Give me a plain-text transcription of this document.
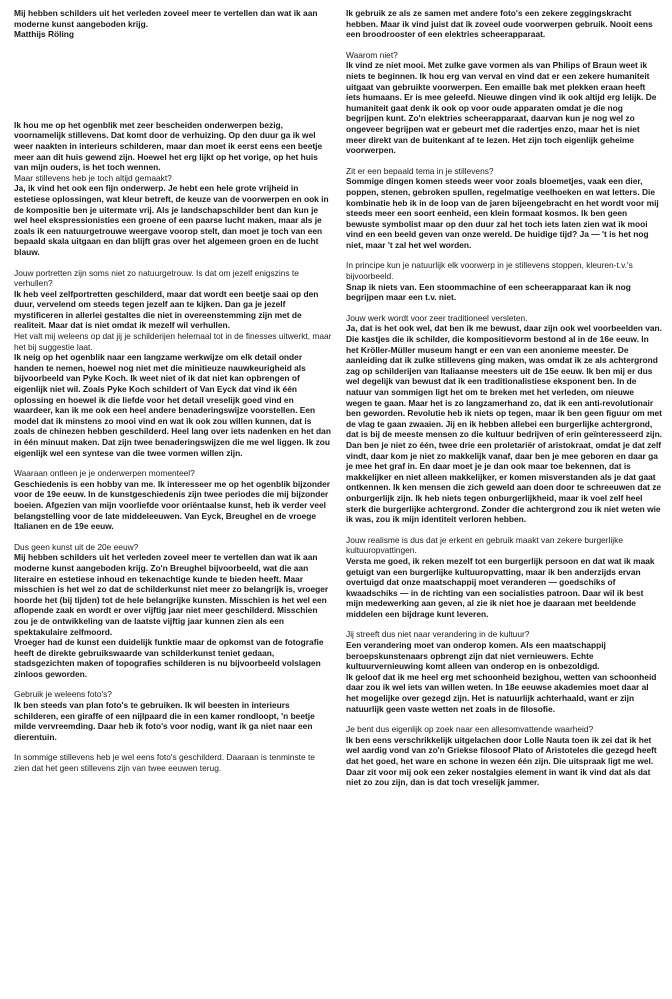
Mij hebben schilders uit het verleden zoveel meer te vertellen dan wat ik aan moderne kunst aangeboden krijg.

Matthijs Röling

Ik hou me op het ogenblik met zeer bescheiden onderwerpen bezig, voornamelijk stillevens. Dat komt door de verhuizing. Op den duur ga ik wel weer naakten in interieurs schilderen, maar dan moet ik eerst eens een beetje meer aan dit huis gewend zijn. Hoewel het erg lijkt op het vorige, op het huis van mijn ouders, is het toch wennen.

Maar stillevens heb je toch altijd gemaakt?

Ja, ik vind het ook een fijn onderwerp. Je hebt een hele grote vrijheid in estetiese oplossingen, wat kleur betreft, de keuze van de voorwerpen en ook in de kompositie ben je uitermate vrij. Als je landschapschilder bent dan kun je wel heel ekspressionisties een groene of een paarse lucht maken, maar als je zoals ik een natuurgetrouwe weergave voorop stelt, dan moet je toch van een bepaald skala uitgaan en dan blijft gras over het algemeen groen en de lucht blauw.

Jouw portretten zijn soms niet zo natuurgetrouw. Is dat om jezelf enigszins te verhullen?

Ik heb veel zelfportretten geschilderd, maar dat wordt een beetje saai op den duur, vervelend om steeds tegen jezelf aan te kijken. Dan ga je jezelf mystificeren in allerlei gestaltes die niet in overeenstemming zijn met de realiteit. Maar dat is niet omdat ik mezelf wil verhullen.

Het valt mij weleens op dat jij je schilderijen helemaal tot in de finesses uitwerkt, maar het bij suggestie laat.

Ik neig op het ogenblik naar een langzame werkwijze om elk detail onder handen te nemen, hoewel nog niet met die minitieuze nauwkeurigheid als bijvoorbeeld van Pyke Koch. Ik weet niet of ik dat niet kan opbrengen of eigenlijk niet wil. Zoals Pyke Koch schildert of Van Eyck dat vind ik één oplossing en hoewel ik die liefde voor het detail vreselijk goed vind en waardeer, kan ik me ook een heel andere benaderingswijze voorstellen. Een model dat ik minstens zo mooi vind en wat ik ook zou willen kunnen, dat is zoals de chinezen hebben geschilderd. Heel lang over iets nadenken en het dan in één minuut maken. Dat zijn twee benaderingswijzen die me wel liggen. Ik zou eigenlijk wel een syntese van die twee vormen willen zijn.

Waaraan ontleen je je onderwerpen momenteel?

Geschiedenis is een hobby van me. Ik interesseer me op het ogenblik bijzonder voor de 19e eeuw. In de kunstgeschiedenis zijn twee periodes die mij bijzonder boeien. Afgezien van mijn voorliefde voor oriëntaalse kunst, heb ik verder veel belangstelling voor de late middeleeuwen. Van Eyck, Breughel en de vroege Italianen en de 19e eeuw.

Dus geen kunst uit de 20e eeuw?

Mij hebben schilders uit het verleden zoveel meer te vertellen dan wat ik aan moderne kunst aangeboden krijg. Zo'n Breughel bijvoorbeeld, wat die aan literaire en estetiese inhoud en tekenachtige kunde te bieden heeft. Maar misschien is het wel zo dat de schilderkunst niet meer zo belangrijk is, vroeger hoorde het (bij tijden) tot de hele belangrijke kunsten. Misschien is het wel een aflopende zaak en wordt er over vijftig jaar niet meer geschilderd. Misschien zou je de ontwikkeling van de laatste vijftig jaar kunnen zien als een spektakulaire zelfmoord.
Vroeger had de kunst een duidelijk funktie maar de opkomst van de fotografie heeft de direkte gebruikswaarde van schilderkunst teniet gedaan, stadsgezichten maken of topografies schilderen is nu bijvoorbeeld volslagen zinloos geworden.

Gebruik je weleens foto's?

Ik ben steeds van plan foto's te gebruiken. Ik wil beesten in interieurs schilderen, een giraffe of een nijlpaard die in een kamer rondloopt, 'n beetje milde vervreemding. Daar heb ik foto's voor nodig, want ik ga niet naar een dierentuin.

In sommige stillevens heb je wel eens foto's geschilderd. Daaraan is tenminste te zien dat het geen stillevens zijn van twee eeuwen terug.

Ik gebruik ze als ze samen met andere foto's een zekere zeggingskracht hebben. Maar ik vind juist dat ik zoveel oude voorwerpen gebruik. Nooit eens een broodrooster of een elektries scheerapparaat.

Waarom niet?

Ik vind ze niet mooi. Met zulke gave vormen als van Philips of Braun weet ik niets te beginnen. Ik hou erg van verval en vind dat er een zekere humaniteit uitgaat van gebruikte voorwerpen. Een emaille bak met plekken eraan heeft iets humaans. Er is mee geleefd. Nieuwe dingen vind ik ook altijd erg lelijk. De humaniteit gaat denk ik ook op voor oude apparaten omdat je die nog begrijpen kunt. Zo'n elektries scheerapparaat, daarvan kun je nog wel zo ongeveer begrijpen wat er gebeurt met die radertjes enzo, maar het is niet meer direkt van de buitenkant af te lezen. Het zijn toch eigenlijk geheime voorwerpen.

Zit er een bepaald tema in je stillevens?

Sommige dingen komen steeds weer voor zoals bloemetjes, vaak een dier, poppen, stenen, gebroken spullen, regelmatige veelhoeken en wat letters. Die kombinatie heb ik in de loop van de jaren bijeengebracht en het wordt voor mij steeds meer een soort eenheid, een klein formaat kosmos. Ik ben geen bewuste symbolist maar op den duur zal het toch iets laten zien wat ik mooi vind en een beeld geven van onze wereld. De huidige tijd? Ja — 't is het nog niet, maar 't zal het wel worden.

In principe kun je natuurlijk elk voorwerp in je stillevens stoppen, kleuren-t.v.'s bijvoorbeeld.

Snap ik niets van. Een stoommachine of een scheerapparaat kan ik nog begrijpen maar een t.v. niet.

Jouw werk wordt voor zeer traditioneel versleten.

Ja, dat is het ook wel, dat ben ik me bewust, daar zijn ook wel voorbeelden van. Die kastjes die ik schilder, die kompositievorm bestond al in de 16e eeuw. In het Kröller-Müller museum hangt er een van een anoniemе meester. De aanleiding dat ik zulke stillevens ging maken, was omdat ik ze als achtergrond zag op schilderijen van Italiaanse meesters uit de 15e eeuw. Ik ben mij er dus wel degelijk van bewust dat ik een traditionalistiese eksponent ben. In de natuur van sommigen ligt het om te breken met het verleden, om nieuwe wegen te gaan. Maar het is zo langzamerhand zo, dat ik een anti-revolutionair ben geworden. Revolutie heb ik niets op tegen, maar ik ben geen figuur om met de vlag te gaan zwaaien. Jij en ik hebben allebei een burgerlijke achtergrond, dat is bij de meeste mensen zo die kultuur bedrijven of erin geïnteresseerd zijn. Dan ben je niet zo één, twee drie een proletariër of aristokraat, omdat je dat zelf vindt, daar kom je niet zo makkelijk vanaf, daar ben je mee geboren en daar ga je mee het graf in. En daar moet je je dan ook maar toe bekennen, dat is makkelijker en niet alleen makkelijker, er komen misverstanden als je dat gaat ontkennen. Ik ken mensen die zich geweld aan doen door te schreeuwen dat ze onburgerlijk zijn. Ik heb niets tegen onburgerlijkheid, maar ik voel zelf heel sterk die burgerlijke achtergrond. Zonder die achtergrond zou ik niet weten wie ik was, zou ik mijn identiteit verloren hebben.

Jouw realisme is dus dat je erkent en gebruik maakt van zekere burgerlijke kultuuropvattingen.

Versta me goed, ik reken mezelf tot een burgerlijk persoon en dat wat ik maak getuigt van een burgerlijke kultuuropvatting, maar ik ben anderzijds ervan overtuigd dat onze maatschappij moet veranderen — goedschiks of kwaadschiks — in de richting van een socialisties patroon. Daar wil ik best mijn medewerking aan geven, al zie ik niet hoe je daaraan met beeldende middelen een bijdrage kunt leveren.

Jij streeft dus niet naar verandering in de kultuur?

Een verandering moet van onderop komen. Als een maatschappij beroepskunstenaars opbrengt zijn dat niet vernieuwers. Echte kultuurvernieuwing komt alleen van onderop en is onbezoldigd.
Ik geloof dat ik me heel erg met schoonheid bezighou, wetten van schoonheid daar zou ik wel iets van willen weten. In 18e eeuwse akademies moet daar al het mogelijke over gezegd zijn. Het is natuurlijk achterhaald, want er zijn natuurlijk geen vaste wetten net zoals in de filosofie.

Je bent dus eigenlijk op zoek naar een allesomvattende waarheid?

Ik ben eens verschrikkelijk uitgelachen door Lolle Nauta toen ik zei dat ik het wel aardig vond van zo'n Griekse filosoof Plato of Aristoteles die gezegd heeft dat het goed, het ware en schone in wezen één zijn. Die uitspraak ligt me wel. Daar zit voor mij ook een zeker nostalgies element in want ik vind dat als dat niet zo zou zijn, dan is dat toch vreselijk jammer.
